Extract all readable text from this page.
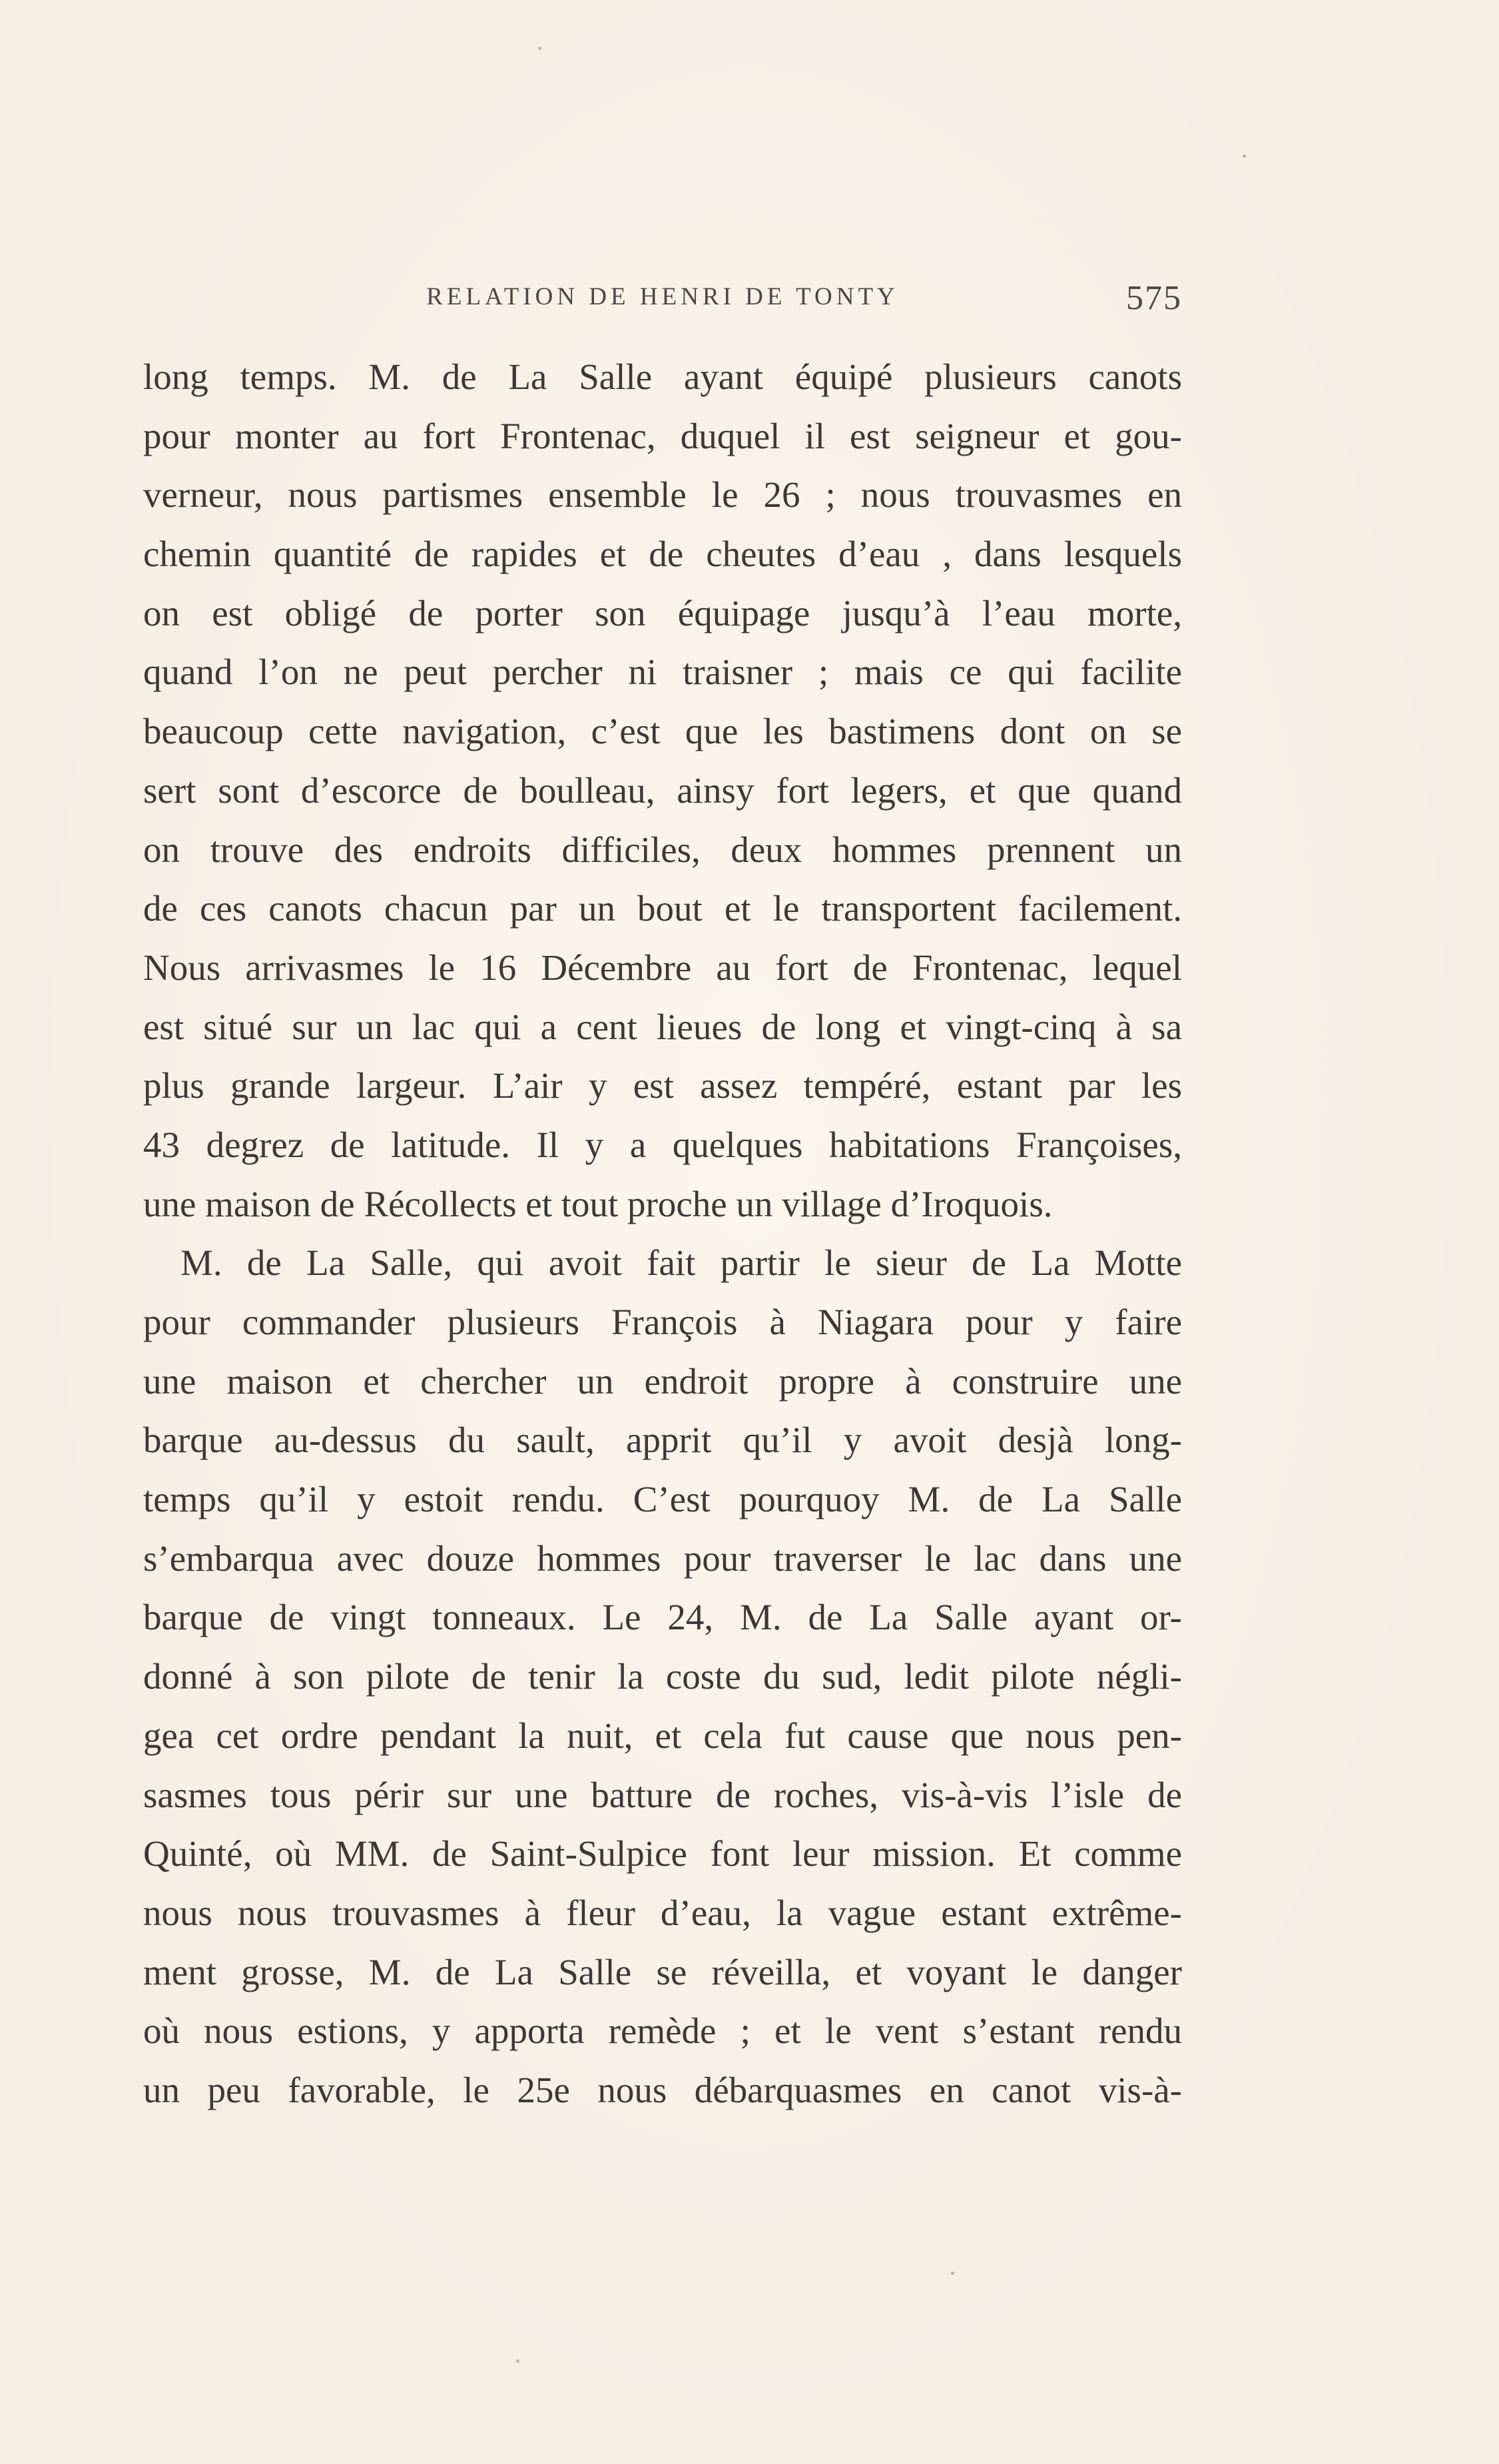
RELATION DE HENRI DE TONTY	575
long temps. M. de La Salle ayant équipé plusieurs canots
pour monter au fort Frontenac, duquel il est seigneur et gou-
verneur, nous partismes ensemble le 26 ; nous trouvasmes en
chemin quantité de rapides et de cheutes d’eau , dans lesquels
on est obligé de porter son équipage jusqu’à l’eau morte,
quand l’on ne peut percher ni traisner ; mais ce qui facilite
beaucoup cette navigation, c’est que les bastimens dont on se
sert sont d’escorce de boulleau, ainsy fort legers, et que quand
on trouve des endroits difficiles, deux hommes prennent un
de ces canots chacun par un bout et le transportent facilement.
Nous arrivasmes le 16 Décembre au fort de Frontenac, lequel
est situé sur un lac qui a cent lieues de long et vingt-cinq à sa
plus grande largeur. L’air y est assez tempéré, estant par les
43 degrez de latitude. Il y a quelques habitations Françoises,
une maison de Récollects et tout proche un village d’Iroquois.
M. de La Salle, qui avoit fait partir le sieur de La Motte
pour commander plusieurs François à Niagara pour y faire
une maison et chercher un endroit propre à construire une
barque au-dessus du sault, apprit qu’il y avoit desjà long-
temps qu’il y estoit rendu. C’est pourquoy M. de La Salle
s’embarqua avec douze hommes pour traverser le lac dans une
barque de vingt tonneaux. Le 24, M. de La Salle ayant or-
donné à son pilote de tenir la coste du sud, ledit pilote négli-
gea cet ordre pendant la nuit, et cela fut cause que nous pen-
sasmes tous périr sur une batture de roches, vis-à-vis l’isle de
Quinté, où MM. de Saint-Sulpice font leur mission. Et comme
nous nous trouvasmes à fleur d’eau, la vague estant extrême-
ment grosse, M. de La Salle se réveilla, et voyant le danger
où nous estions, y apporta remède ; et le vent s’estant rendu
un peu favorable, le 25e nous débarquasmes en canot vis-à-
